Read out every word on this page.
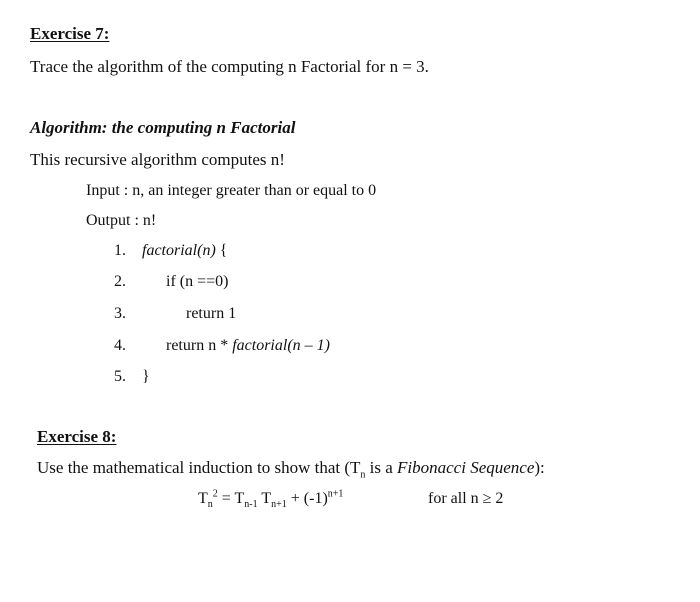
Exercise 7:
Trace the algorithm of the computing n Factorial for n = 3.
Algorithm: the computing n Factorial
This recursive algorithm computes n!
Input : n, an integer greater than or equal to 0
Output : n!
1. factorial(n) {
2.	if (n ==0)
3.	return 1
4.	return n * factorial(n – 1)
5. }
Exercise 8:
Use the mathematical induction to show that ($T_n$ is a Fibonacci Sequence):
$T_n^2 = T_{n-1}$ $T_{n+1} + (-1)^{n+1}$	for all n ≥ 2
